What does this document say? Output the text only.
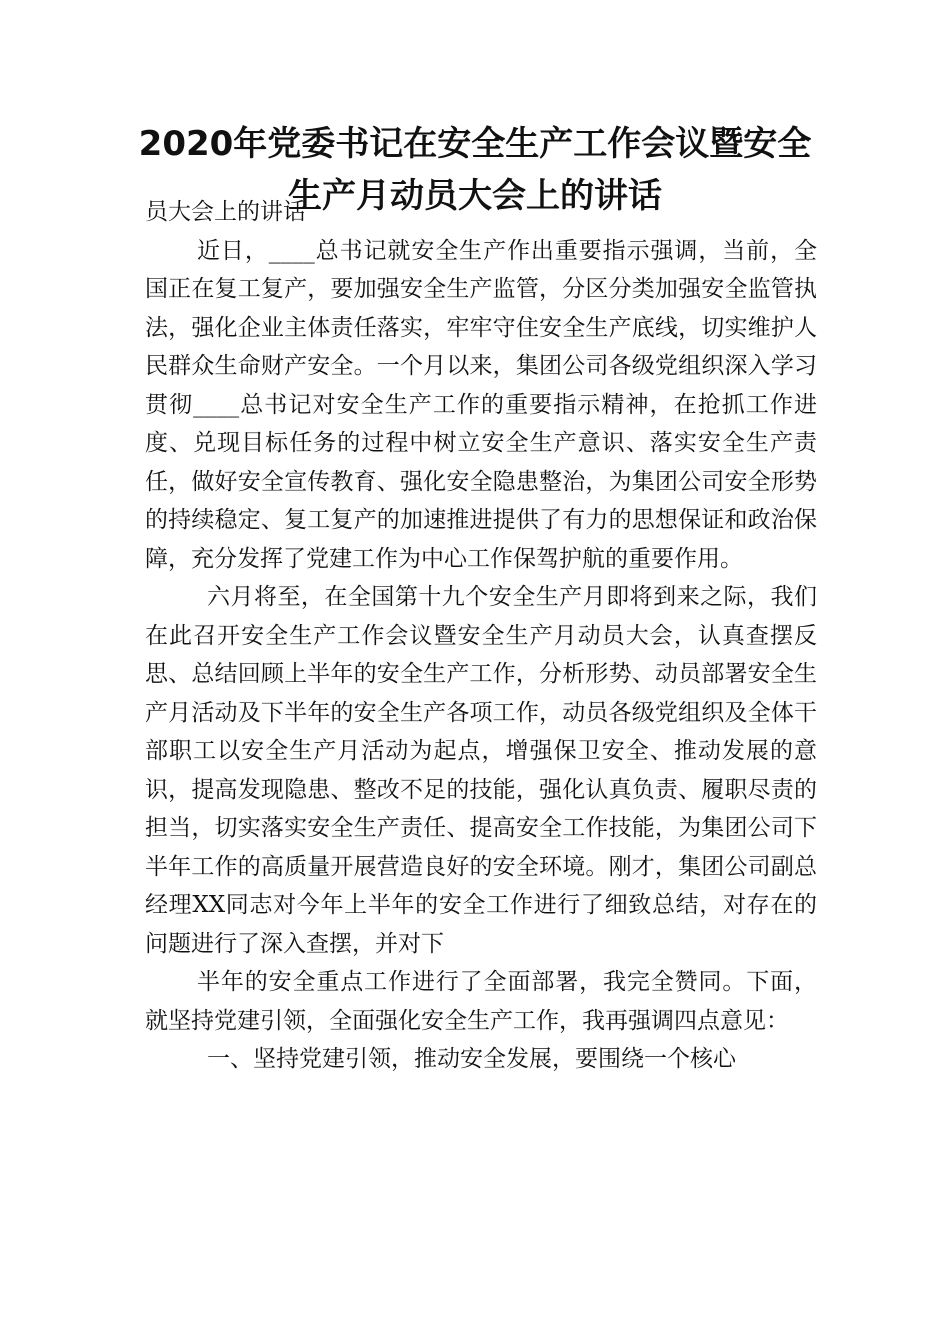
2020年党委书记在安全生产工作会议暨安全
生产月动员大会上的讲话

员大会上的讲话

近日，____总书记就安全生产作出重要指示强调，当前，全国正在复工复产，要加强安全生产监管，分区分类加强安全监管执法，强化企业主体责任落实，牢牢守住安全生产底线，切实维护人民群众生命财产安全。一个月以来，集团公司各级党组织深入学习贯彻____总书记对安全生产工作的重要指示精神，在抢抓工作进度、兑现目标任务的过程中树立安全生产意识、落实安全生产责任，做好安全宣传教育、强化安全隐患整治，为集团公司安全形势的持续稳定、复工复产的加速推进提供了有力的思想保证和政治保障，充分发挥了党建工作为中心工作保驾护航的重要作用。

六月将至，在全国第十九个安全生产月即将到来之际，我们在此召开安全生产工作会议暨安全生产月动员大会，认真查摆反思、总结回顾上半年的安全生产工作，分析形势、动员部署安全生产月活动及下半年的安全生产各项工作，动员各级党组织及全体干部职工以安全生产月活动为起点，增强保卫安全、推动发展的意识，提高发现隐患、整改不足的技能，强化认真负责、履职尽责的担当，切实落实安全生产责任、提高安全工作技能，为集团公司下半年工作的高质量开展营造良好的安全环境。刚才，集团公司副总经理XX同志对今年上半年的安全工作进行了细致总结，对存在的问题进行了深入查摆，并对下

半年的安全重点工作进行了全面部署，我完全赞同。下面，就坚持党建引领，全面强化安全生产工作，我再强调四点意见：

一、坚持党建引领，推动安全发展，要围绕一个核心
